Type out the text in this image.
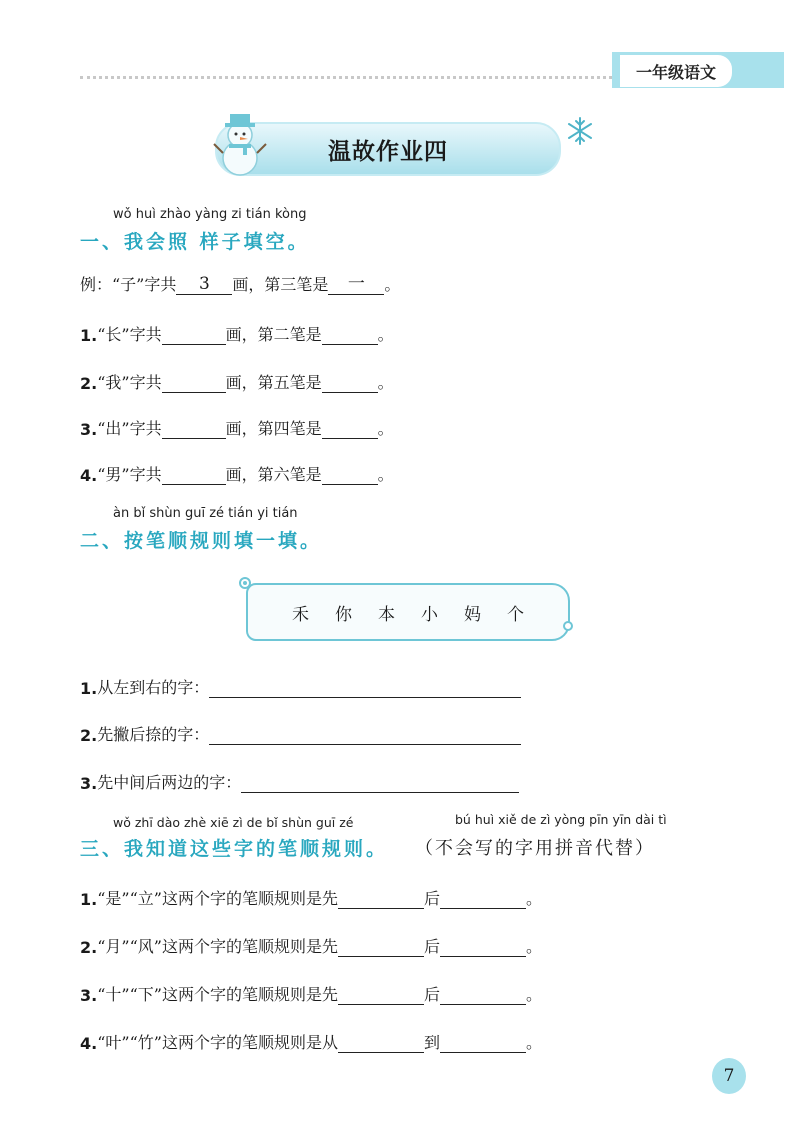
一年级语文
温故作业四
wǒ huì zhào yàng zi tián kòng
一、我会照 样子填空。
例：“子”字共	3	画，第三笔是	一	。
1. “长”字共	画，第二笔是	。
2. “我”字共	画，第五笔是	。
3. “出”字共	画，第四笔是	。
4. “男”字共	画，第六笔是	。
àn bǐ shùn guī zé tián yi tián
二、按笔顺规则填一填。
禾 你 本 小 妈 个
1. 从左到右的字：
2. 先撇后捺的字：
3. 先中间后两边的字：
wǒ zhī dào zhè xiē zì de bǐ shùn guī zé	bú huì xiě de zì yòng pīn yīn dài tì
三、我知道这些字的笔顺规则。 （不会写的字用拼音代替）
1. “是”“立”这两个字的笔顺规则是先	后	。
2. “月”“风”这两个字的笔顺规则是先	后	。
3. “十”“下”这两个字的笔顺规则是先	后	。
4. “叶”“竹”这两个字的笔顺规则是从	到	。
7
